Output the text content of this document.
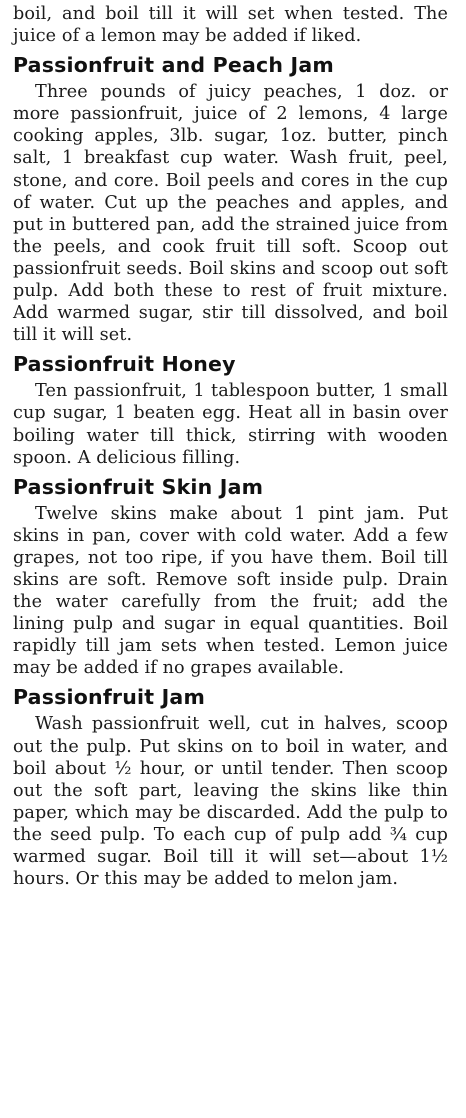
boil, and boil till it will set when tested. The juice of a lemon may be added if liked.

Passionfruit and Peach Jam

Three pounds of juicy peaches, 1 doz. or more passionfruit, juice of 2 lemons, 4 large cooking apples, 3lb. sugar, 1oz. butter, pinch salt, 1 breakfast cup water. Wash fruit, peel, stone, and core. Boil peels and cores in the cup of water. Cut up the peaches and apples, and put in buttered pan, add the strained juice from the peels, and cook fruit till soft. Scoop out passionfruit seeds. Boil skins and scoop out soft pulp. Add both these to rest of fruit mixture. Add warmed sugar, stir till dissolved, and boil till it will set.

Passionfruit Honey

Ten passionfruit, 1 tablespoon butter, 1 small cup sugar, 1 beaten egg. Heat all in basin over boiling water till thick, stirring with wooden spoon. A delicious filling.

Passionfruit Skin Jam

Twelve skins make about 1 pint jam. Put skins in pan, cover with cold water. Add a few grapes, not too ripe, if you have them. Boil till skins are soft. Remove soft inside pulp. Drain the water carefully from the fruit; add the lining pulp and sugar in equal quantities. Boil rapidly till jam sets when tested. Lemon juice may be added if no grapes available.

Passionfruit Jam

Wash passionfruit well, cut in halves, scoop out the pulp. Put skins on to boil in water, and boil about ½ hour, or until tender. Then scoop out the soft part, leaving the skins like thin paper, which may be discarded. Add the pulp to the seed pulp. To each cup of pulp add ¾ cup warmed sugar. Boil till it will set—about 1½ hours. Or this may be added to melon jam.
